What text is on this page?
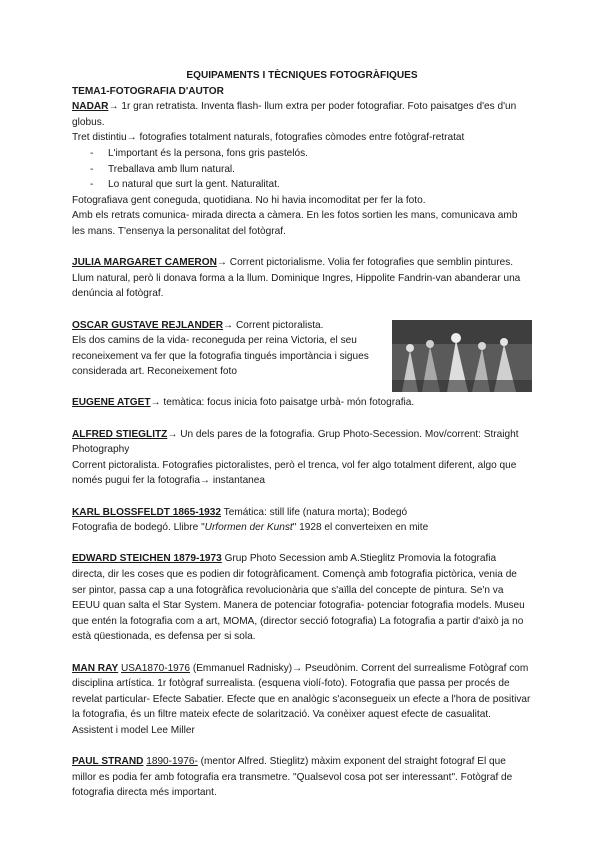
EQUIPAMENTS I TÈCNIQUES FOTOGRÀFIQUES

TEMA1-FOTOGRAFIA D'AUTOR

NADAR→ 1r gran retratista. Inventa flash- llum extra per poder fotografiar. Foto paisatges d'es d'un globus.

Tret distintiu→ fotografies totalment naturals, fotografies còmodes entre fotògraf-retratat

- L'important és la persona, fons gris pastelós.
- Treballava amb llum natural.
- Lo natural que surt la gent. Naturalitat.

Fotografiava gent coneguda, quotidiana. No hi havia incomoditat per fer la foto.

Amb els retrats comunica- mirada directa a càmera. En les fotos sortien les mans, comunicava amb les mans. T'ensenya la personalitat del fotògraf.

JULIA MARGARET CAMERON→ Corrent pictorialisme. Volia fer fotografies que semblin pintures. Llum natural, però li donava forma a la llum. Dominique Ingres, Hippolite Fandrin-van abanderar una denúncia al fotògraf.

OSCAR GUSTAVE REJLANDER→ Corrent pictoralista.

Els dos camins de la vida- reconeguda per reina Victoria, el seu reconeixement va fer que la fotografia tingués importància i sigues considerada art. Reconeixement foto

EUGENE ATGET→ temàtica: focus inicia foto paisatge urbà- món fotografia.

ALFRED STIEGLITZ→ Un dels pares de la fotografia. Grup Photo-Secession. Mov/corrent: Straight Photography

Corrent pictoralista. Fotografies pictoralistes, però el trenca, vol fer algo totalment diferent, algo que només pugui fer la fotografia→ instantanea

KARL BLOSSFELDT 1865-1932 Temática: still life (natura morta); Bodegó

Fotografia de bodegó. Llibre "Urformen der Kunst" 1928 el converteixen en mite

EDWARD STEICHEN 1879-1973 Grup Photo Secession amb A.Stieglitz Promovia la fotografia directa, dir les coses que es podien dir fotogràficament. Començà amb fotografia pictòrica, venia de ser pintor, passa cap a una fotogràfica revolucionària que s'aïlla del concepte de pintura. Se'n va EEUU quan salta el Star System. Manera de potenciar fotografia- potenciar fotografia models. Museu que entén la fotografia com a art, MOMA, (director secció fotografia) La fotografia a partir d'això ja no està qüestionada, es defensa per si sola.

MAN RAY USA1870-1976 (Emmanuel Radnisky)→ Pseudònim. Corrent del surrealisme Fotògraf com disciplina artística. 1r fotògraf surrealista. (esquena violí-foto). Fotografia que passa per procés de revelat particular- Efecte Sabatier. Efecte que en analògic s'aconsegueix un efecte a l'hora de positivar la fotografia, és un filtre mateix efecte de solarització. Va conèixer aquest efecte de casualitat. Assistent i model Lee Miller

PAUL STRAND 1890-1976- (mentor Alfred. Stieglitz) màxim exponent del straight fotograf El que millor es podia fer amb fotografia era transmetre. "Qualsevol cosa pot ser interessant". Fotògraf de fotografia directa més important.
